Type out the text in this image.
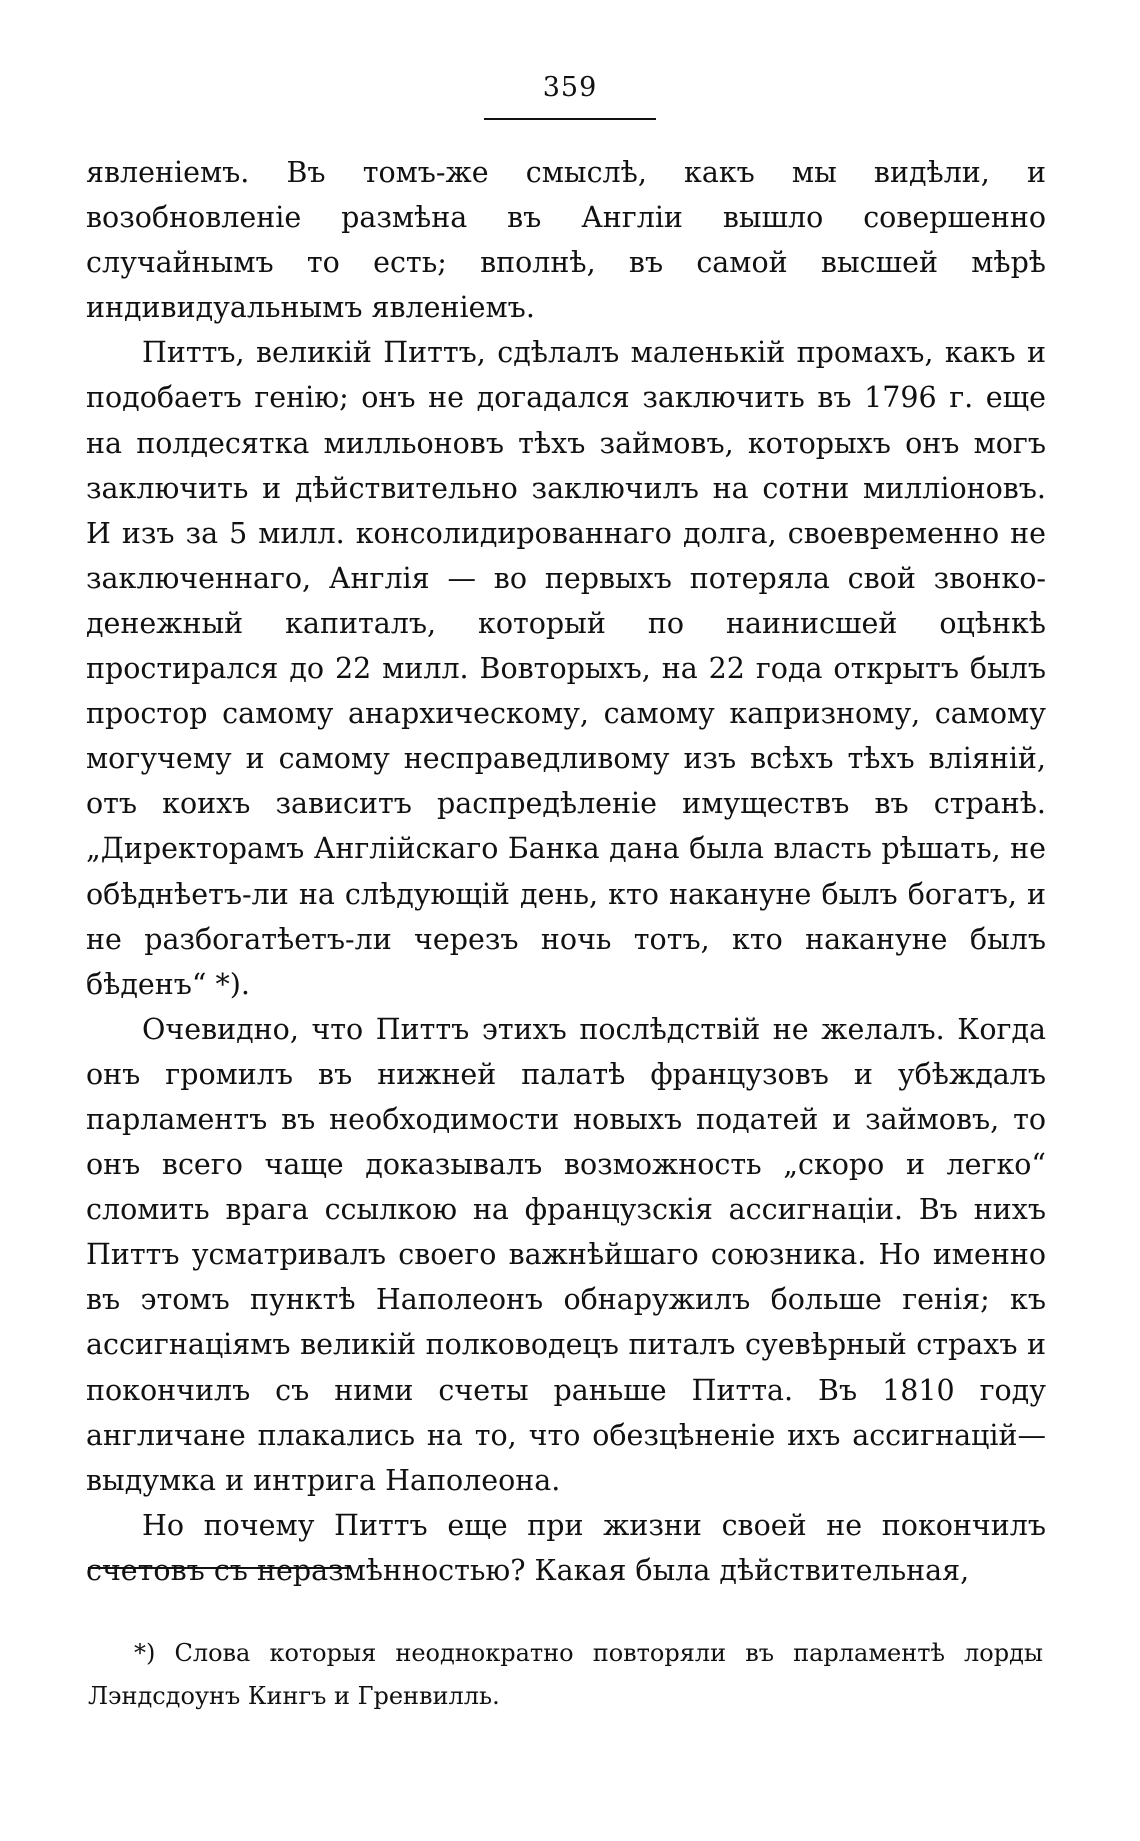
359

явленіемъ. Въ томъ-же смыслѣ, какъ мы видѣли, и возобновленіе размѣна въ Англіи вышло совершенно случайнымъ то есть; вполнѣ, въ самой высшей мѣрѣ индивидуальнымъ явленіемъ.

Питтъ, великій Питтъ, сдѣлалъ маленькій промахъ, какъ и подобаетъ генію; онъ не догадался заключить въ 1796 г. еще на полдесятка милльоновъ тѣхъ займовъ, которыхъ онъ могъ заключить и дѣйствительно заключилъ на сотни милліоновъ. И изъ за 5 милл. консолидированнаго долга, своевременно не заключеннаго, Англія — во первыхъ потеряла свой звонко-денежный капиталъ, который по наинисшей оцѣнкѣ простирался до 22 милл. Вовторыхъ, на 22 года открытъ былъ простор самому анархическому, самому капризному, самому могучему и самому несправедливому изъ всѣхъ тѣхъ вліяній, отъ коихъ зависитъ распредѣленіе имуществъ въ странѣ. „Директорамъ Англійскаго Банка дана была власть рѣшать, не обѣднѣетъ-ли на слѣдующій день, кто накануне былъ богатъ, и не разбогатѣетъ-ли черезъ ночь тотъ, кто накануне былъ бѣденъ“ *).

Очевидно, что Питтъ этихъ послѣдствій не желалъ. Когда онъ громилъ въ нижней палатѣ французовъ и убѣждалъ парламентъ въ необходимости новыхъ податей и займовъ, то онъ всего чаще доказывалъ возможность „скоро и легко“ сломить врага ссылкою на французскія ассигнаціи. Въ нихъ Питтъ усматривалъ своего важнѣйшаго союзника. Но именно въ этомъ пунктѣ Наполеонъ обнаружилъ больше генія; къ ассигнаціямъ великій полководецъ питалъ суевѣрный страхъ и покончилъ съ ними счеты раньше Питта. Въ 1810 году англичане плакались на то, что обезцѣненіе ихъ ассигнацій—выдумка и интрига Наполеона.

Но почему Питтъ еще при жизни своей не покончилъ счетовъ съ неразмѣнностью? Какая была дѣйствительная,

*) Слова которыя неоднократно повторяли въ парламентѣ лорды Лэндсдоунъ Кингъ и Гренвилль.
